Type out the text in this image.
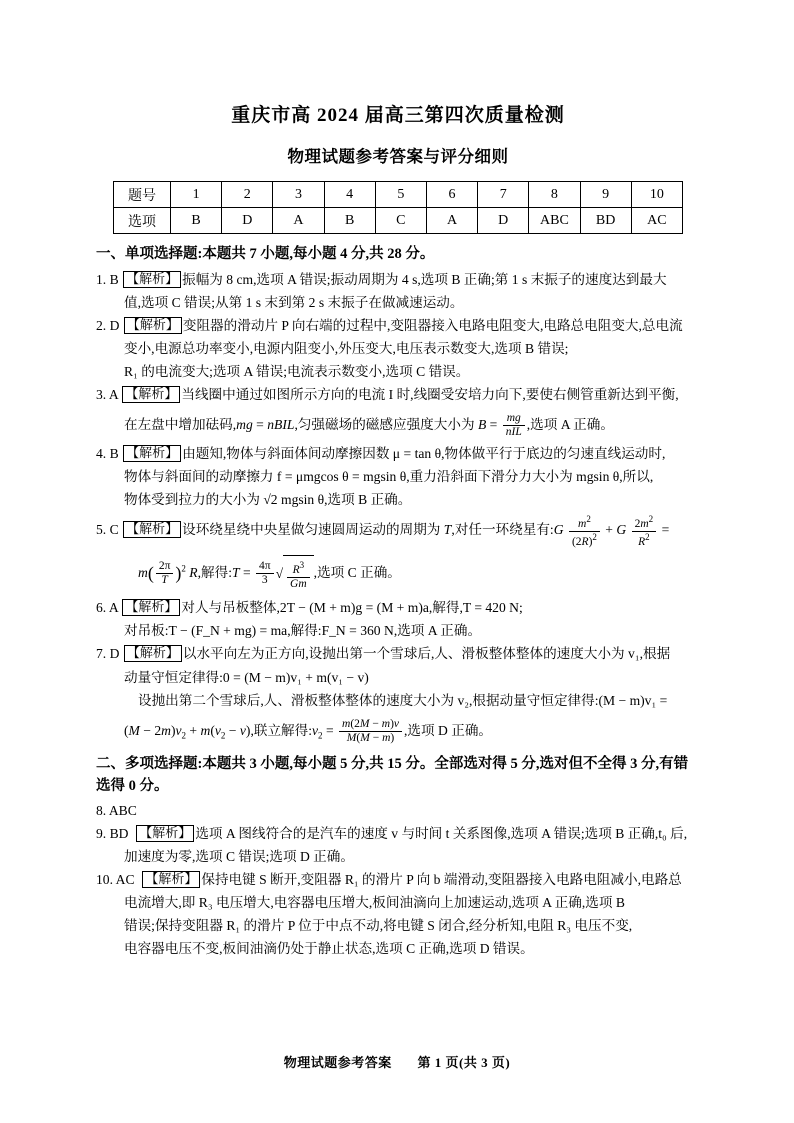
重庆市高 2024 届高三第四次质量检测
物理试题参考答案与评分细则
题号	1	2	3	4	5	6	7	8	9	10
选项	B	D	A	B	C	A	D	ABC	BD	AC
一、单项选择题:本题共 7 小题,每小题 4 分,共 28 分。
1. B 【解析】 振幅为 8 cm,选项 A 错误;振动周期为 4 s,选项 B 正确;第 1 s 末振子的速度达到最大
值,选项 C 错误;从第 1 s 末到第 2 s 末振子在做减速运动。
2. D 【解析】 变阻器的滑动片 P 向右端的过程中,变阻器接入电路电阻变大,电路总电阻变大,总电流
变小,电源总功率变小,电源内阻变小,外压变大,电压表示数变大,选项 B 错误;
R₁ 的电流变大;选项 A 错误;电流表示数变小,选项 C 错误。
3. A 【解析】 当线圈中通过如图所示方向的电流 I 时,线圈受安培力向下,要使右侧管重新达到平衡,
在左盘中增加砝码,mg = nBIL,匀强磁场的磁感应强度大小为 $B = \frac{mg}{\text{nIL}}$ ,选项 A 正确。
4. B 【解析】 由题知,物体与斜面体间动摩擦因数 μ = tan θ,物体做平行于底边的匀速直线运动时,
物体与斜面间的动摩擦力 f = μmgcos θ = mgsin θ,重力沿斜面下滑分力大小为 mgsin θ,所以,
物体受到拉力的大小为 √2 mgsin θ,选项 B 正确。
5. C 【解析】 设环绕星绕中央星做匀速圆周运动的周期为 T,对任一环绕星有:G $\frac{m^2}{(2R)^2} + G \frac{2m^2}{R^2}$ =
$m( \frac{2\pi}{T} )^2$ R,解得:T = $\frac{4\pi}{3}$ √ $\frac{R^3}{Gm}$ ,选项 C 正确。
6. A 【解析】 对人与吊板整体,2T − (M + m)g = (M + m)a,解得,T = 420 N;
对吊板:T − (F_N + mg) = ma,解得:F_N = 360 N,选项 A 正确。
7. D 【解析】 以水平向左为正方向,设抛出第一个雪球后,人、滑板整体整体的速度大小为 v₁,根据
动量守恒定律得:0 = (M − m)v₁ + m(v₁ − v)
设抛出第二个雪球后,人、滑板整体整体的速度大小为 v₂,根据动量守恒定律得:(M − m)v₁ =
$(M - 2m)v_2 + m(v_2 - v)$,联立解得$:v_2 = \frac{m(2M - m)v}{M(M - m)}$ ,选项 D 正确。
二、多项选择题:本题共 3 小题,每小题 5 分,共 15 分。全部选对得 5 分,选对但不全得 3 分,有错选得 0 分。
8. ABC
9. BD 【解析】 选项 A 图线符合的是汽车的速度 v 与时间 t 关系图像,选项 A 错误;选项 B 正确,t₀ 后,
加速度为零,选项 C 错误;选项 D 正确。
10. AC 【解析】 保持电键 S 断开,变阻器 R₁ 的滑片 P 向 b 端滑动,变阻器接入电路电阻减小,电路总
电流增大,即 R₃ 电压增大,电容器电压增大,板间油滴向上加速运动,选项 A 正确,选项 B
错误;保持变阻器 R₁ 的滑片 P 位于中点不动,将电键 S 闭合,经分析知,电阻 R₃ 电压不变,
电容器电压不变,板间油滴仍处于静止状态,选项 C 正确,选项 D 错误。
物理试题参考答案 第 1 页(共 3 页)
